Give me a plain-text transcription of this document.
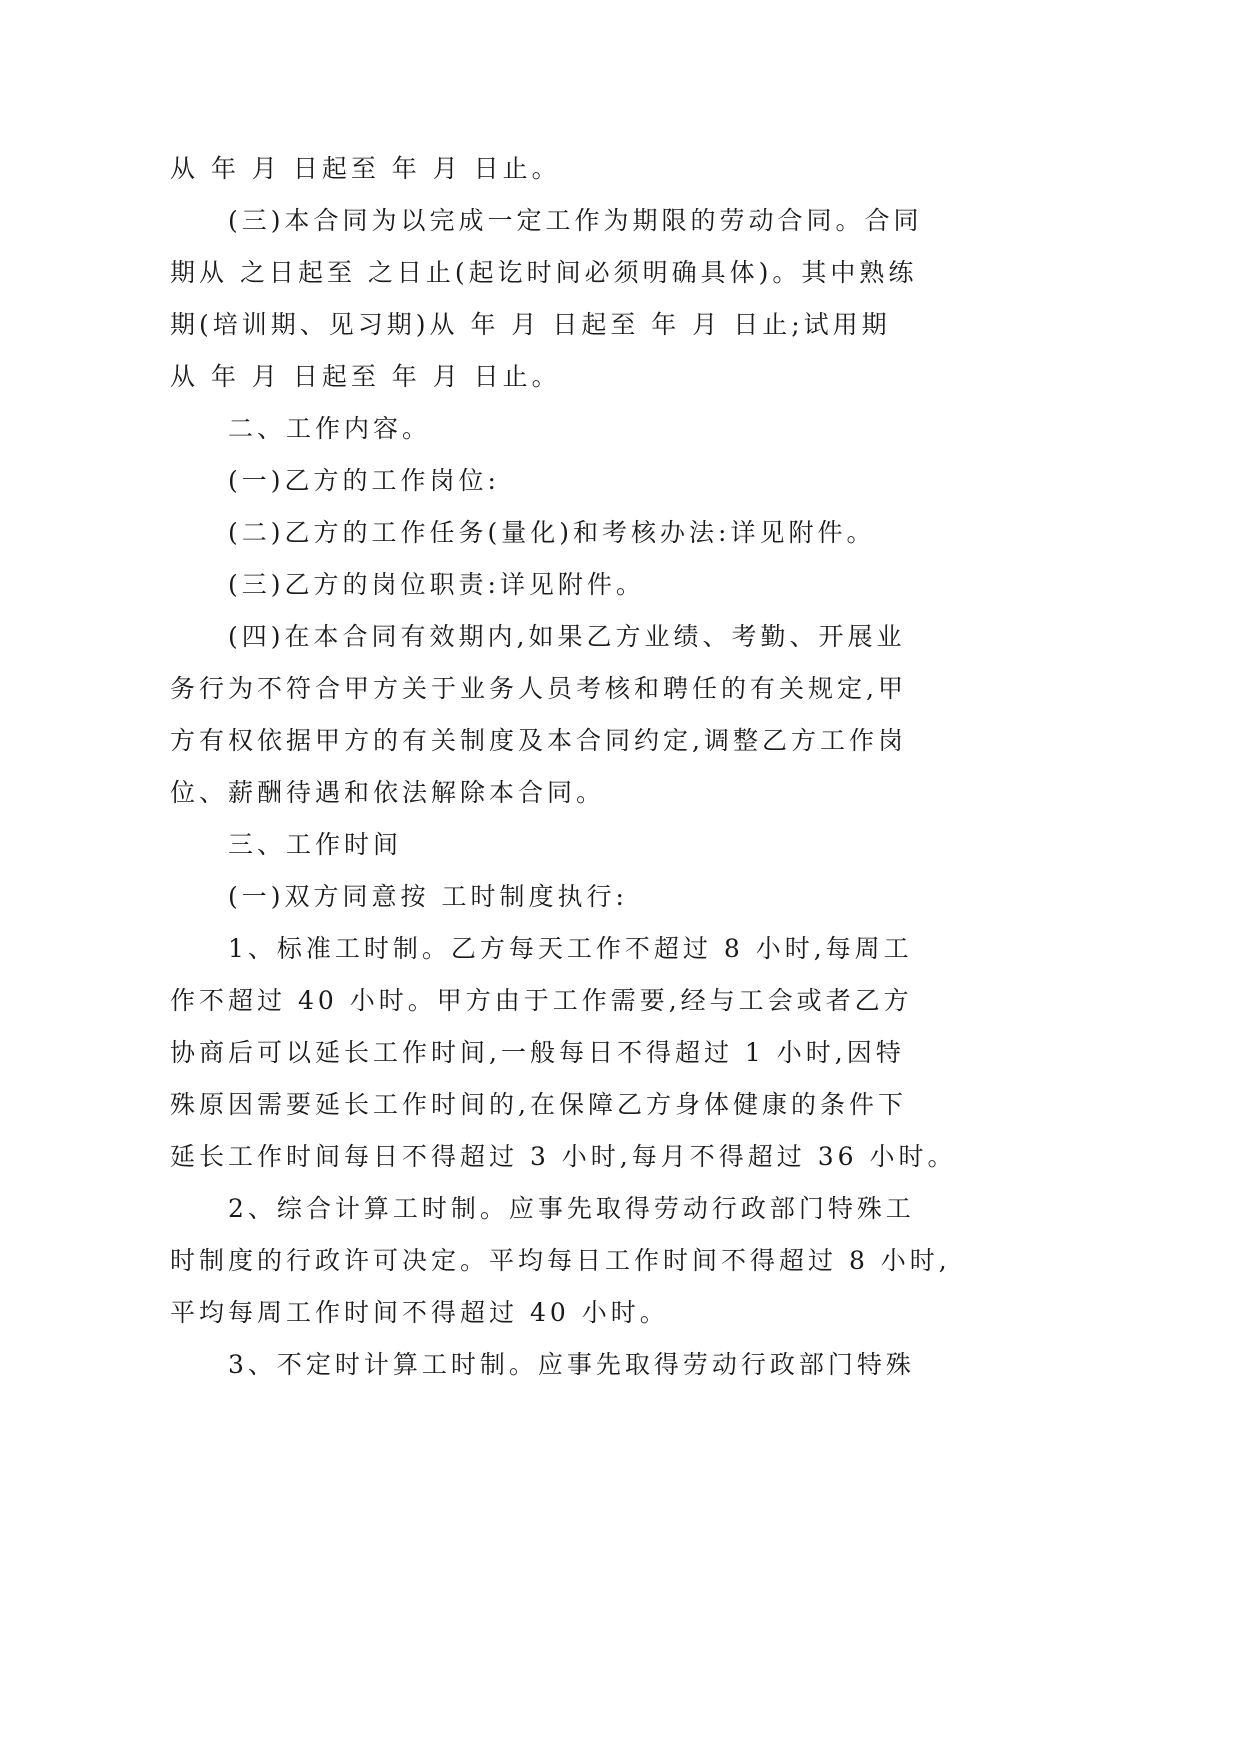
从 年 月 日起至 年 月 日止。

(三)本合同为以完成一定工作为期限的劳动合同。合同

期从 之日起至 之日止(起讫时间必须明确具体)。其中熟练

期(培训期、见习期)从 年 月 日起至 年 月 日止;试用期

从 年 月 日起至 年 月 日止。

二、工作内容。

(一)乙方的工作岗位:

(二)乙方的工作任务(量化)和考核办法:详见附件。

(三)乙方的岗位职责:详见附件。

(四)在本合同有效期内,如果乙方业绩、考勤、开展业

务行为不符合甲方关于业务人员考核和聘任的有关规定,甲

方有权依据甲方的有关制度及本合同约定,调整乙方工作岗

位、薪酬待遇和依法解除本合同。

三、工作时间

(一)双方同意按 工时制度执行:

1、标准工时制。乙方每天工作不超过 8 小时,每周工

作不超过 40 小时。甲方由于工作需要,经与工会或者乙方

协商后可以延长工作时间,一般每日不得超过 1 小时,因特

殊原因需要延长工作时间的,在保障乙方身体健康的条件下

延长工作时间每日不得超过 3 小时,每月不得超过 36 小时。

2、综合计算工时制。应事先取得劳动行政部门特殊工

时制度的行政许可决定。平均每日工作时间不得超过 8 小时,

平均每周工作时间不得超过 40 小时。

3、不定时计算工时制。应事先取得劳动行政部门特殊
